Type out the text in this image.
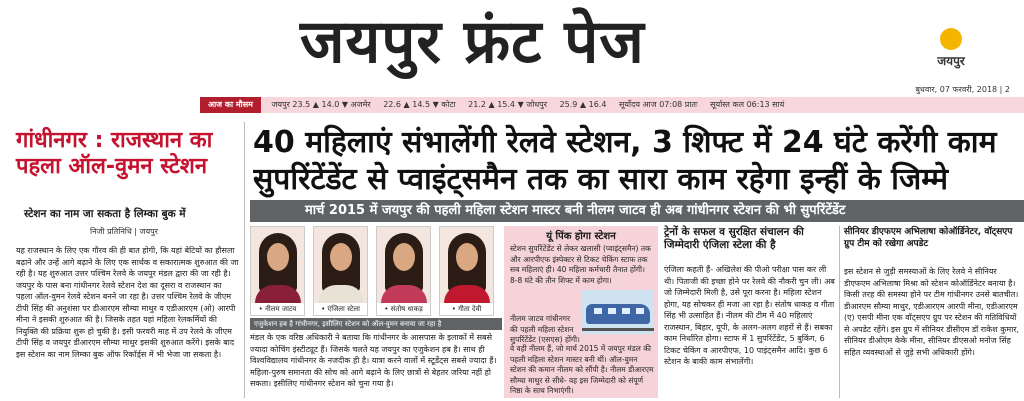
जयपुर फ्रंट पेज	जयपुर
बुधवार, 07 फरवरी, 2018 | 2
आज का मौसम जयपुर 23.5 ▲ 14.0 ▼ अजमेर 22.6 ▲ 14.5 ▼ कोटा 21.2 ▲ 15.4 ▼ जोधपुर 25.9 ▲ 16.4 सूर्योदय आज 07:08 प्रातः सूर्यास्त कल 06:13 सायं
गांधीनगर : राजस्थान का पहला ऑल-वुमन स्टेशन
स्टेशन का नाम जा सकता है लिम्का बुक में
निजी प्रतिनिधि | जयपुर
यह राजस्थान के लिए एक गौरव की ही बात होगी, कि यहां बेटियों का हौसला बढ़ाने और उन्हें आगे बढ़ाने के लिए एक सार्थक व सकारात्मक शुरुआत की जा रही है। यह शुरुआत उत्तर पश्चिम रेलवे के जयपुर मंडल द्वारा की जा रही है। जयपुर के पास बना गांधीनगर रेलवे स्टेशन देश का दूसरा व राजस्थान का पहला ऑल-वुमन रेलवे स्टेशन बनने जा रहा है। उत्तर पश्चिम रेलवे के जीएम टीपी सिंह की अनुशंसा पर डीआरएम सौम्या माथुर व एडीआरएम (ओ) आरपी मीना ने इसकी शुरुआत की है। जिसके तहत यहां महिला रेलकर्मियों की नियुक्ति की प्रक्रिया शुरू हो चुकी है। इसी फरवरी माह में उप रेलवे के जीएम टीपी सिंह व जयपुर डीआरएम सौम्या माथुर इसकी शुरुआत करेंगे। इसके बाद इस स्टेशन का नाम लिम्का बुक ऑफ रिकॉर्ड्स में भी भेजा जा सकता है।
40 महिलाएं संभालेंगी रेलवे स्टेशन, 3 शिफ्ट में 24 घंटे करेंगी काम
सुपरिंटेंडेंट से प्वाइंट्समैन तक का सारा काम रहेगा इन्हीं के जिम्मे
मार्च 2015 में जयपुर की पहली महिला स्टेशन मास्टर बनी नीलम जाटव ही अब गांधीनगर स्टेशन की भी सुपरिंटेंडेंट
• नीलम जाटव	• एंजिला स्टेला	• संतोष धाकड़	• गीता देवी
एजुकेशन हब है गांधीनगर, इसीलिए स्टेशन को ऑल-वुमन बनाया जा रहा है
मंडल के एक वरिष्ठ अधिकारी ने बताया कि गांधीनगर के आसपास के इलाकों में सबसे ज्यादा कोचिंग इंस्टीट्यूट हैं। जिसके चलते यह जयपुर का एजुकेशन हब है। साथ ही विश्वविद्यालय गांधीनगर के नजदीक ही है। यात्रा करने वालों में स्टूडेंट्स सबसे ज्यादा हैं। महिला-पुरुष समानता की सोच को आगे बढ़ाने के लिए छात्रों से बेहतर जरिया नहीं हो सकता। इसीलिए गांधीनगर स्टेशन को चुना गया है।
यूं पिंक होगा स्टेशन
स्टेशन सुपरिंटेंडेंट से लेकर खलासी (प्वाइंट्समैन) तक और आरपीएफ इंस्पेक्टर से टिकट चेकिंग स्टाफ तक सब महिलाएं ही। 40 महिला कर्मचारी तैनात होंगी। 8-8 घंटे की तीन शिफ्ट में काम होगा।
नीलम जाटव गांधीनगर की पहली महिला स्टेशन सुपरिंटेंडेंट (एसएस) होंगी।
वे वही नीलम हैं, जो मार्च 2015 में जयपुर मंडल की पहली महिला स्टेशन मास्टर बनी थीं। ऑल-वुमन स्टेशन की कमान नीलम को सौंपी है। नीलम डीआरएम सौम्या माथुर से सीधे- वह इस जिम्मेदारी को संपूर्ण निष्ठा के साथ निभाएंगी।
ट्रेनों के सफल व सुरक्षित संचालन की जिम्मेदारी एंजिला स्टेला की है
एंजिला कहती हैं- अखिलेश की पीओ परीक्षा पास कर ली थी। पिताजी की इच्छा होने पर रेलवे की नौकरी चुन ली। अब जो जिम्मेदारी मिली है, उसे पूरा करना है। महिला स्टेशन होगा, यह सोचकर ही मजा आ रहा है। संतोष धाकड़ व गीता सिंह भी उत्साहित हैं। नीलम की टीम में 40 महिलाएं राजस्थान, बिहार, यूपी, के अलग-अलग शहरों से हैं। सबका काम निर्धारित होगा। स्टाफ में 1 सुपरिंटेंडेंट, 5 बुकिंग, 6 टिकट चेकिंग व आरपीएफ, 10 पाइंट्समैन आदि। कुछ 6 स्टेशन के बाकी काम संभालेंगी।
सीनियर डीएफएम अभिलाषा कोऑर्डिनेटर, वॉट्सएप ग्रुप टीम को रखेगा अपडेट
इस स्टेशन से जुड़ी समस्याओं के लिए रेलवे ने सीनियर डीएफएम अभिलाषा मिश्रा को स्टेशन कोऑर्डिनेटर बनाया है। किसी तरह की समस्या होने पर टीम गांधीनगर उनसे बातचीत। डीआरएम सौम्या माथुर, एडीआरएम आरपी मीना, एडीआरएम (ए) एसपी मीना एक वॉट्सएप ग्रुप पर स्टेशन की गतिविधियों से अपडेट रहेंगे। इस ग्रुप में सीनियर डीसीएम डॉ राकेश कुमार, सीनियर डीओएम केके मीना, सीनियर डीएसओ मनोज सिंह सहित व्यवस्थाओं से जुड़े सभी अधिकारी होंगे।
